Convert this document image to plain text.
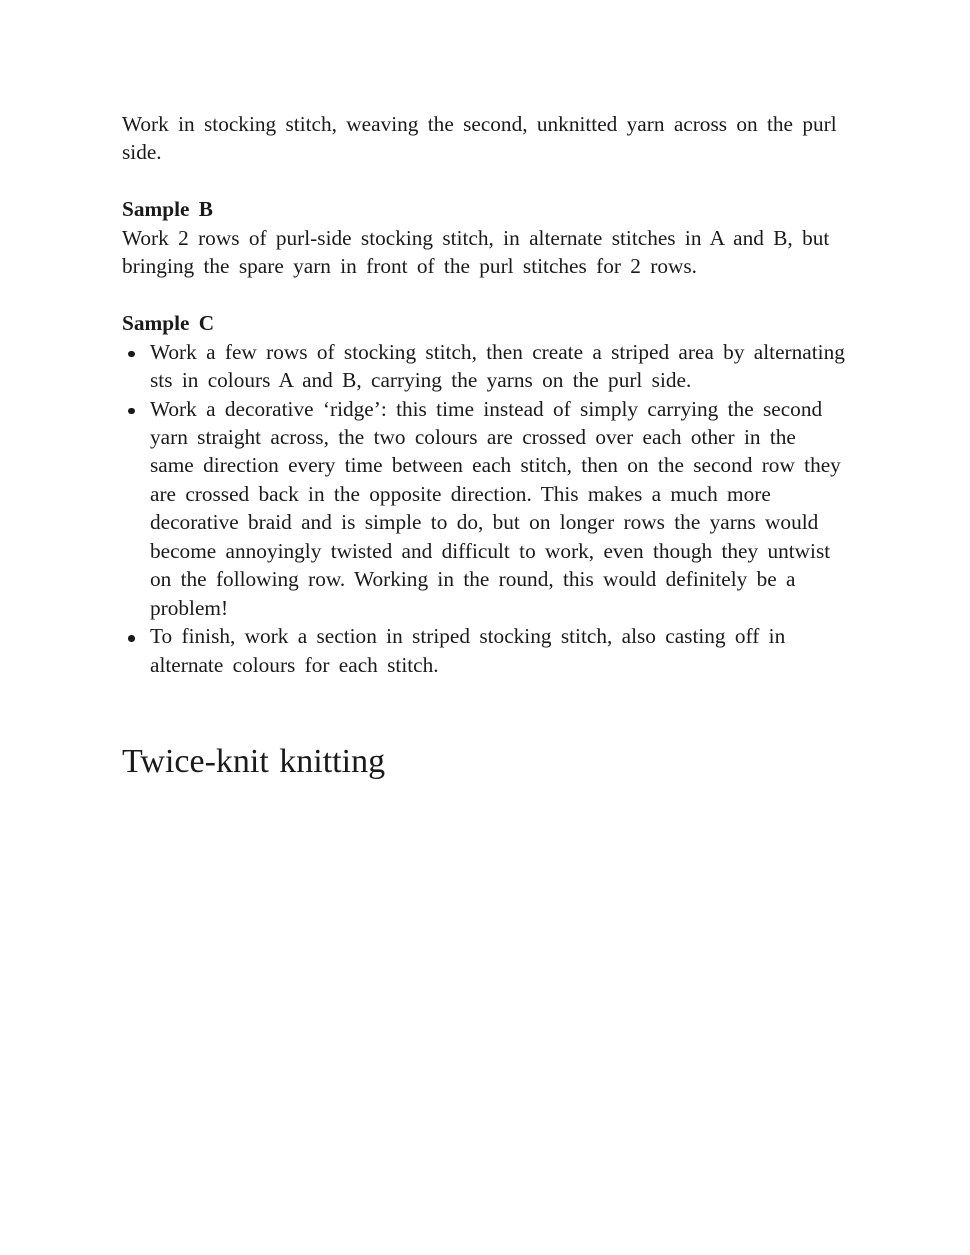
Work in stocking stitch, weaving the second, unknitted yarn across on the purl side.

Sample B

Work 2 rows of purl-side stocking stitch, in alternate stitches in A and B, but bringing the spare yarn in front of the purl stitches for 2 rows.

Sample C

Work a few rows of stocking stitch, then create a striped area by alternating sts in colours A and B, carrying the yarns on the purl side.
Work a decorative ‘ridge’: this time instead of simply carrying the second yarn straight across, the two colours are crossed over each other in the same direction every time between each stitch, then on the second row they are crossed back in the opposite direction. This makes a much more decorative braid and is simple to do, but on longer rows the yarns would become annoyingly twisted and difficult to work, even though they untwist on the following row. Working in the round, this would definitely be a problem!
To finish, work a section in striped stocking stitch, also casting off in alternate colours for each stitch.
Twice-knit knitting
